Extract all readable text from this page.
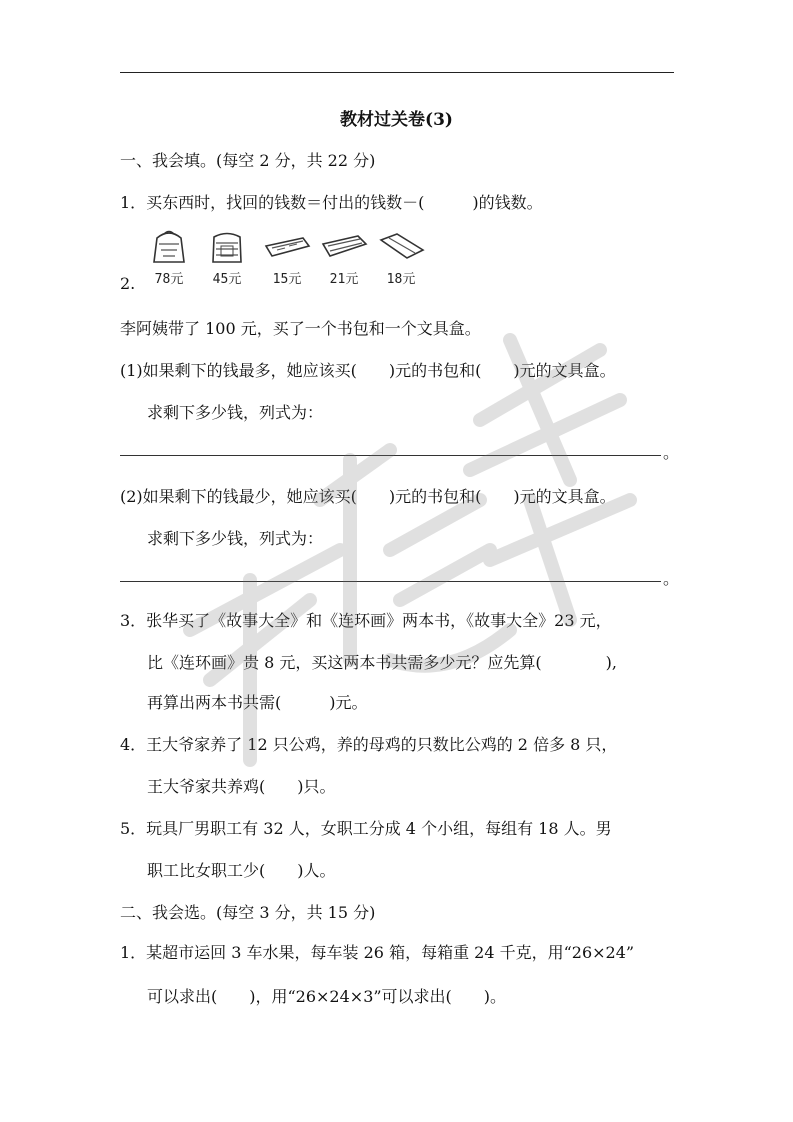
教材过关卷(3)
一、我会填。(每空 2 分，共 22 分)
1．买东西时，找回的钱数＝付出的钱数－(　　　)的钱数。
78元	45元	15元	21元	18元
2.
李阿姨带了 100 元，买了一个书包和一个文具盒。
(1)如果剩下的钱最多，她应该买(　　)元的书包和(　　)元的文具盒。
求剩下多少钱，列式为：
。
(2)如果剩下的钱最少，她应该买(　　)元的书包和(　　)元的文具盒。
求剩下多少钱，列式为：
。
3．张华买了《故事大全》和《连环画》两本书，《故事大全》23 元，
比《连环画》贵 8 元，买这两本书共需多少元？应先算(　　　　),
再算出两本书共需(　　　)元。
4．王大爷家养了 12 只公鸡，养的母鸡的只数比公鸡的 2 倍多 8 只，
王大爷家共养鸡(　　)只。
5．玩具厂男职工有 32 人，女职工分成 4 个小组，每组有 18 人。男
职工比女职工少(　　)人。
二、我会选。(每空 3 分，共 15 分)
1．某超市运回 3 车水果，每车装 26 箱，每箱重 24 千克，用“26×24”
可以求出(　　)，用“26×24×3”可以求出(　　)。
